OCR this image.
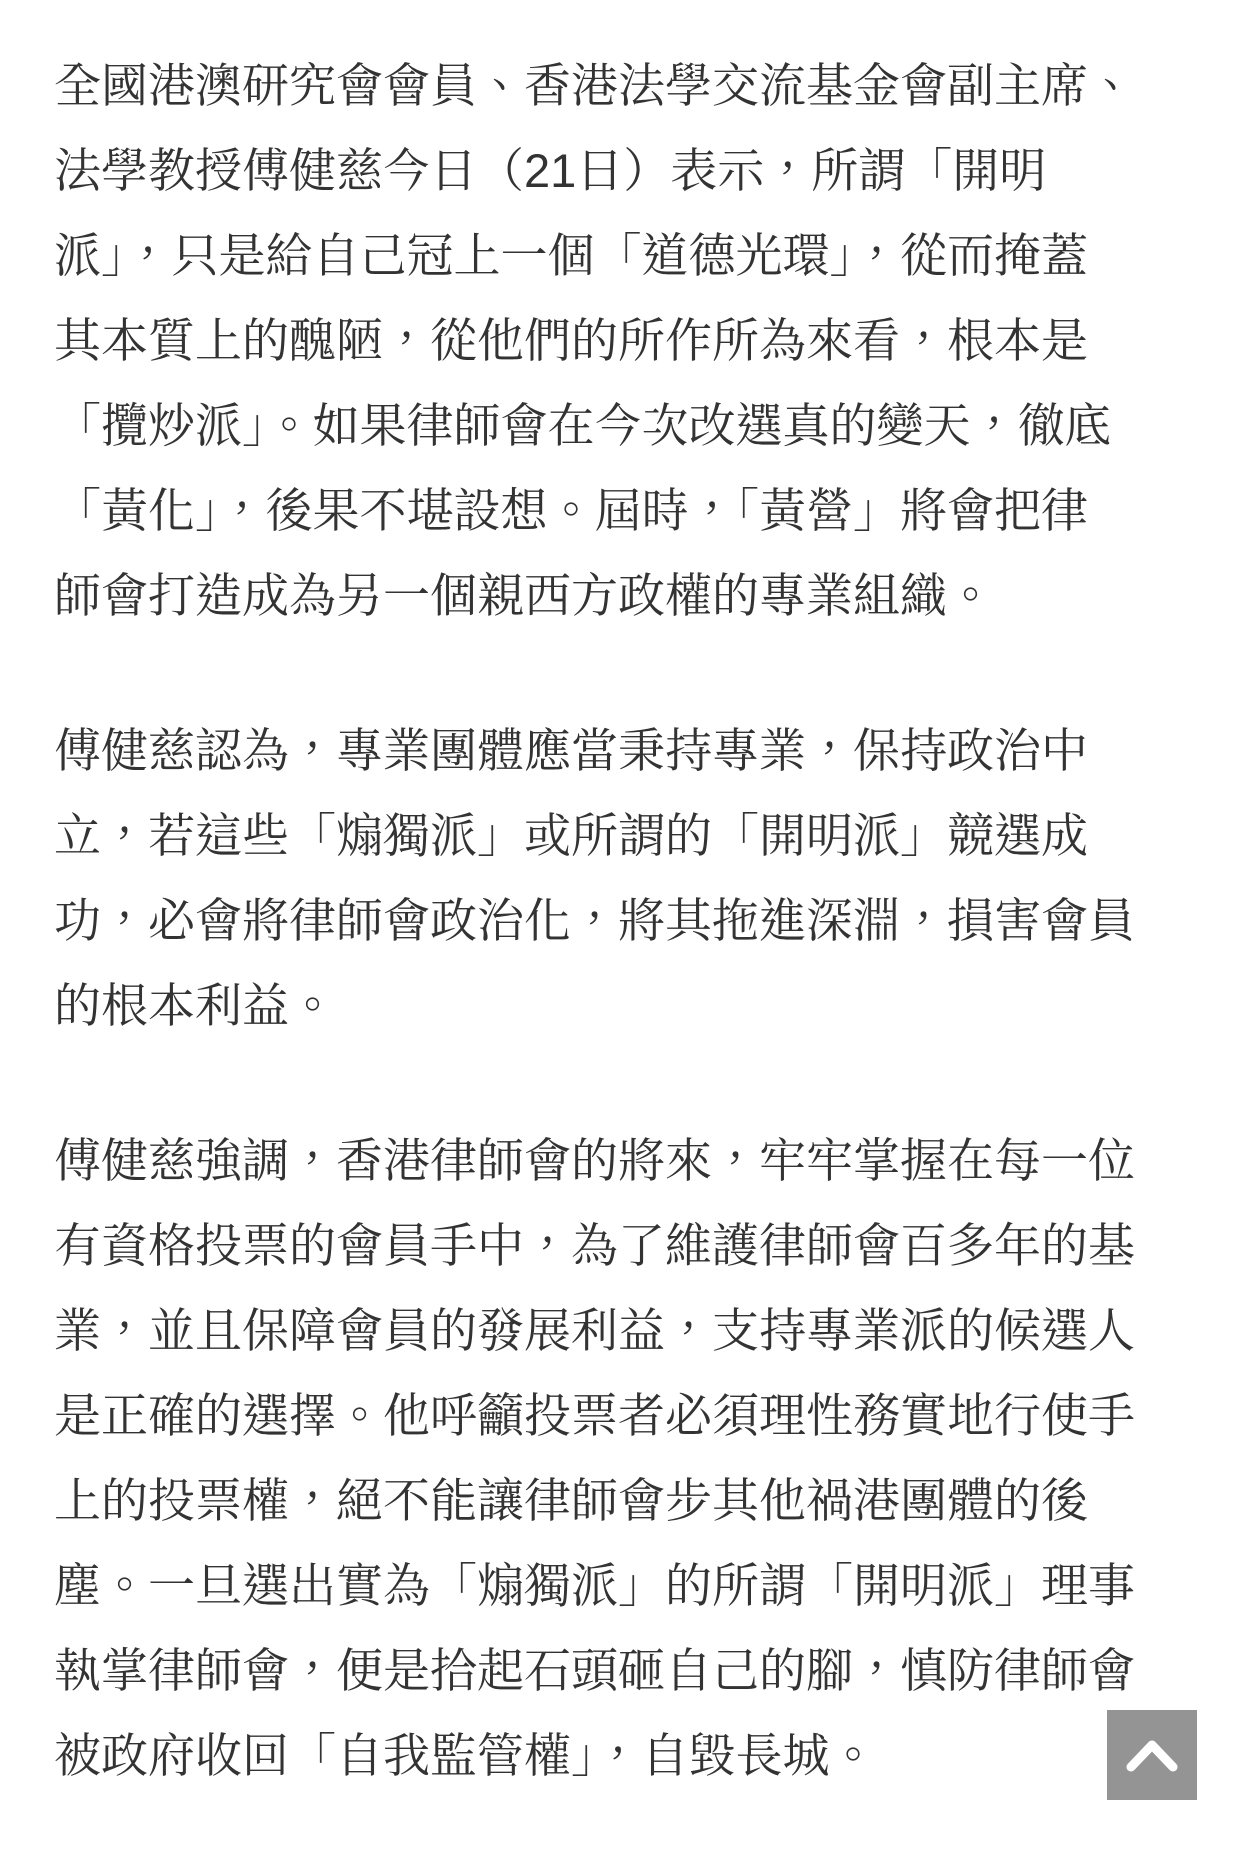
全國港澳研究會會員、香港法學交流基金會副主席、
法學教授傅健慈今日（21日）表示，所謂「開明
派」，只是給自己冠上一個「道德光環」，從而掩蓋
其本質上的醜陋，從他們的所作所為來看，根本是
「攬炒派」。如果律師會在今次改選真的變天，徹底
「黃化」，後果不堪設想。屆時，「黃營」將會把律
師會打造成為另一個親西方政權的專業組織。

傅健慈認為，專業團體應當秉持專業，保持政治中
立，若這些「煽獨派」或所謂的「開明派」競選成
功，必會將律師會政治化，將其拖進深淵，損害會員
的根本利益。

傅健慈強調，香港律師會的將來，牢牢掌握在每一位
有資格投票的會員手中，為了維護律師會百多年的基
業，並且保障會員的發展利益，支持專業派的候選人
是正確的選擇。他呼籲投票者必須理性務實地行使手
上的投票權，絕不能讓律師會步其他禍港團體的後
塵。一旦選出實為「煽獨派」的所謂「開明派」理事
執掌律師會，便是拾起石頭砸自己的腳，慎防律師會
被政府收回「自我監管權」，自毀長城。
